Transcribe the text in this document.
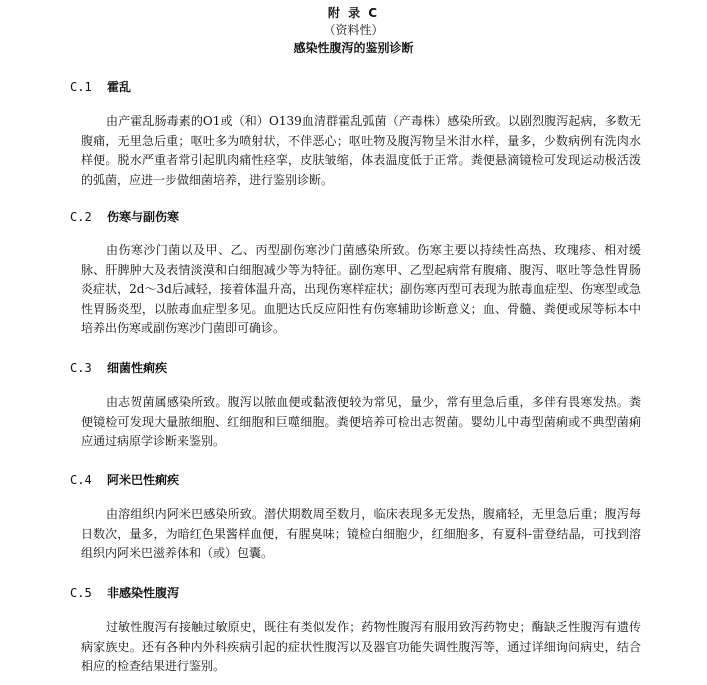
附 录 C
（资料性）
感染性腹泻的鉴别诊断
C.1 霍乱

由产霍乱肠毒素的O1或（和）O139血清群霍乱弧菌（产毒株）感染所致。以剧烈腹泻起病，多数无腹痛，无里急后重；呕吐多为喷射状，不伴恶心；呕吐物及腹泻物呈米泔水样，量多，少数病例有洗肉水样便。脱水严重者常引起肌肉痛性痉挛，皮肤皱缩，体表温度低于正常。粪便悬滴镜检可发现运动极活泼的弧菌，应进一步做细菌培养，进行鉴别诊断。

C.2 伤寒与副伤寒

由伤寒沙门菌以及甲、乙、丙型副伤寒沙门菌感染所致。伤寒主要以持续性高热、玫瑰疹、相对缓脉、肝脾肿大及表情淡漠和白细胞减少等为特征。副伤寒甲、乙型起病常有腹痛、腹泻、呕吐等急性胃肠炎症状，2d～3d后减轻，接着体温升高，出现伤寒样症状；副伤寒丙型可表现为脓毒血症型、伤寒型或急性胃肠炎型，以脓毒血症型多见。血肥达氏反应阳性有伤寒辅助诊断意义；血、骨髓、粪便或尿等标本中培养出伤寒或副伤寒沙门菌即可确诊。

C.3 细菌性痢疾

由志贺菌属感染所致。腹泻以脓血便或黏液便较为常见，量少，常有里急后重，多伴有畏寒发热。粪便镜检可发现大量脓细胞、红细胞和巨噬细胞。粪便培养可检出志贺菌。婴幼儿中毒型菌痢或不典型菌痢应通过病原学诊断来鉴别。

C.4 阿米巴性痢疾

由溶组织内阿米巴感染所致。潜伏期数周至数月，临床表现多无发热，腹痛轻，无里急后重；腹泻每日数次，量多，为暗红色果酱样血便，有腥臭味；镜检白细胞少，红细胞多，有夏科-雷登结晶，可找到溶组织内阿米巴滋养体和（或）包囊。

C.5 非感染性腹泻

过敏性腹泻有接触过敏原史，既往有类似发作；药物性腹泻有服用致泻药物史；酶缺乏性腹泻有遗传病家族史。还有各种内外科疾病引起的症状性腹泻以及器官功能失调性腹泻等，通过详细询问病史，结合相应的检查结果进行鉴别。
